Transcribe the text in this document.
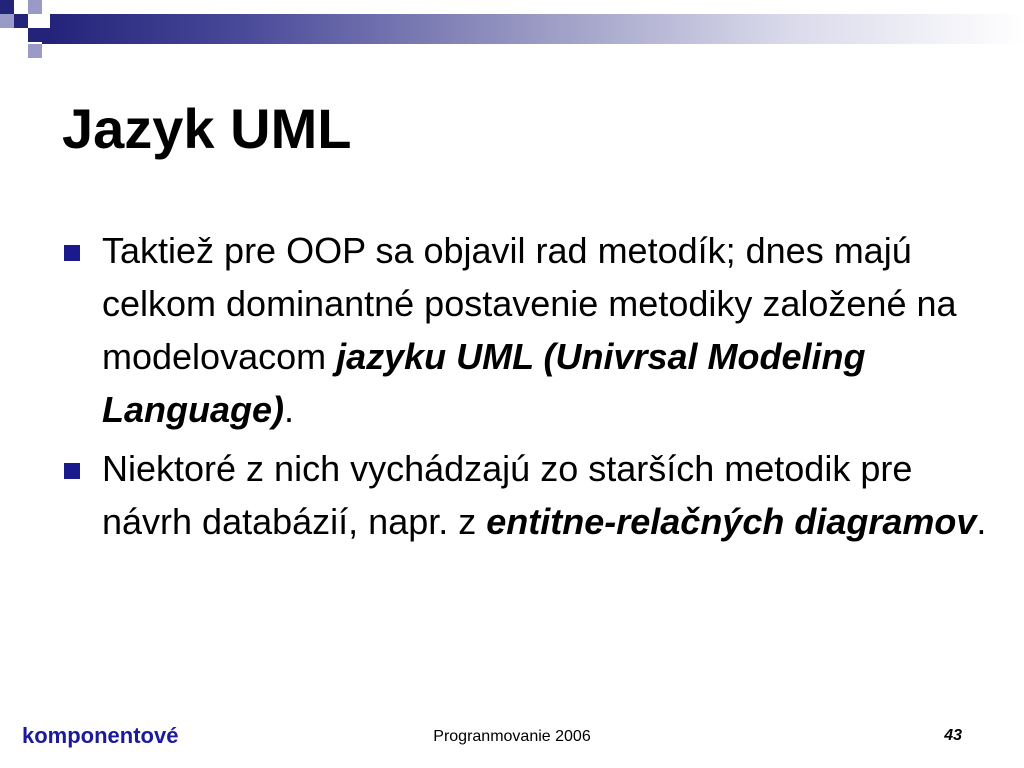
Jazyk UML
Taktiež pre OOP sa objavil rad metodík; dnes majú celkom dominantné postavenie metodiky založené na modelovacom jazyku UML (Univrsal Modeling Language).
Niektoré z nich vychádzajú zo starších metodik pre návrh databázií, napr. z entitne-relačných diagramov.
komponentové	Progranmovanie 2006	43
